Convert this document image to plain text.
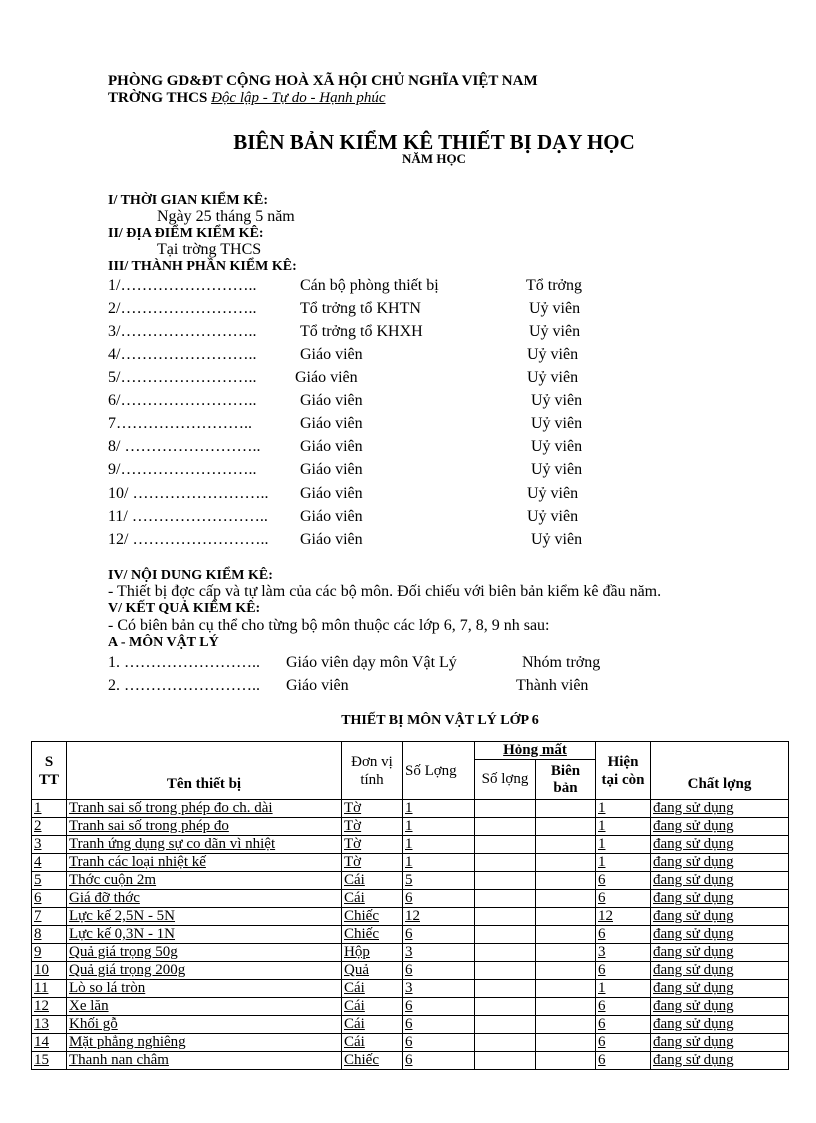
PHÒNG GD&ĐT CỘNG HOÀ XÃ HỘI CHỦ NGHĨA VIỆT NAM
TRỜNG THCS Độc lập - Tự do - Hạnh phúc
BIÊN BẢN KIỂM KÊ THIẾT BỊ DẠY HỌC
NĂM HỌC
I/ THỜI GIAN KIỂM KÊ:
Ngày 25 tháng 5 năm
II/ ĐỊA ĐIỂM KIỂM KÊ:
Tại trờng THCS
III/ THÀNH PHẦN KIỂM KÊ:
1/……………………..	Cán bộ phòng thiết bị	Tổ trởng
2/……………………..	Tổ trởng tổ KHTN	Uỷ viên
3/……………………..	Tổ trởng tổ KHXH	Uỷ viên
4/……………………..	Giáo viên	Uỷ viên
5/…………………….. Giáo viên	Uỷ viên
6/……………………..	Giáo viên	Uỷ viên
7……………………..	Giáo viên	Uỷ viên
8/ …………………….. Giáo viên	Uỷ viên
9/……………………..	Giáo viên	Uỷ viên
10/ …………………….. Giáo viên	Uỷ viên
11/ …………………….. Giáo viên	Uỷ viên
12/ …………………….. Giáo viên	Uỷ viên
IV/ NỘI DUNG KIỂM KÊ:
- Thiết bị đợc cấp và tự làm của các bộ môn. Đối chiếu với biên bản kiểm kê đầu năm.
V/ KẾT QUẢ KIỂM KÊ:
- Có biên bản cụ thể cho từng bộ môn thuộc các lớp 6, 7, 8, 9 nh sau:
A - MÔN VẬT LÝ
1. …………………….. Giáo viên dạy môn Vật Lý	Nhóm trởng
2. …………………….. Giáo viên	Thành viên
THIẾT BỊ MÔN VẬT LÝ LỚP 6
S
TT	Tên thiết bị	Đơn vị tính	Số Lợng	Hỏng mất		Hiện tại còn	Chất lợng
				Số lợng	Biên bản		
1	Tranh sai số trong phép đo ch. dài	Tờ	1			1	đang sử dụng
2	Tranh sai số trong phép đo	Tờ	1			1	đang sử dụng
3	Tranh ứng dụng sự co dãn vì nhiệt	Tờ	1			1	đang sử dụng
4	Tranh các loại nhiệt kế	Tờ	1			1	đang sử dụng
5	Thớc cuộn 2m	Cái	5			6	đang sử dụng
6	Giá đỡ thớc	Cái	6			6	đang sử dụng
7	Lực kế 2,5N - 5N	Chiếc	12			12	đang sử dụng
8	Lực kế 0,3N - 1N	Chiếc	6			6	đang sử dụng
9	Quả giá trọng 50g	Hộp	3			3	đang sử dụng
10	Quả giá trọng 200g	Quả	6			6	đang sử dụng
11	Lò so lá tròn	Cái	3			1	đang sử dụng
12	Xe lăn	Cái	6			6	đang sử dụng
13	Khối gỗ	Cái	6			6	đang sử dụng
14	Mặt phẳng nghiêng	Cái	6			6	đang sử dụng
15	Thanh nan châm	Chiếc	6			6	đang sử dụng
